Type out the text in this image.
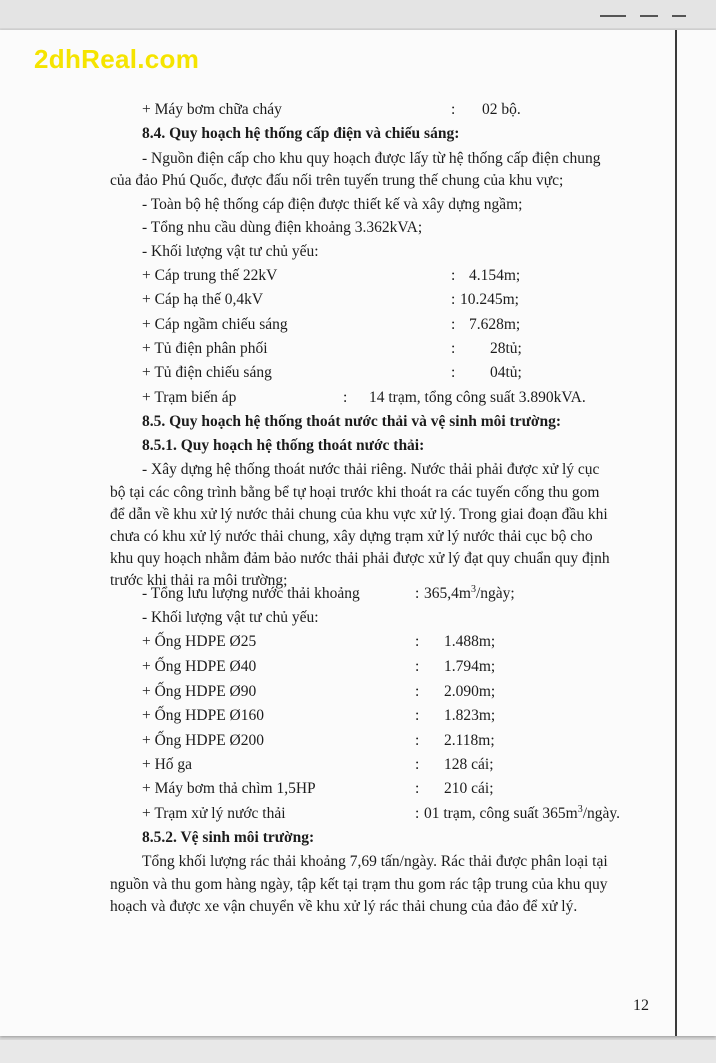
2dhReal.com
+ Máy bơm chữa cháy	: 02 bộ.
8.4. Quy hoạch hệ thống cấp điện và chiếu sáng:
- Nguồn điện cấp cho khu quy hoạch được lấy từ hệ thống cấp điện chung
của đảo Phú Quốc, được đấu nối trên tuyến trung thế chung của khu vực;
- Toàn bộ hệ thống cáp điện được thiết kế và xây dựng ngầm;
- Tổng nhu cầu dùng điện khoảng 3.362kVA;
- Khối lượng vật tư chủ yếu:
+ Cáp trung thế 22kV	: 4.154m;
+ Cáp hạ thế 0,4kV	: 10.245m;
+ Cáp ngầm chiếu sáng	: 7.628m;
+ Tủ điện phân phối	: 28tủ;
+ Tủ điện chiếu sáng	: 04tủ;
+ Trạm biến áp	: 14 trạm, tổng công suất 3.890kVA.
8.5. Quy hoạch hệ thống thoát nước thải và vệ sinh môi trường:
8.5.1. Quy hoạch hệ thống thoát nước thải:
- Xây dựng hệ thống thoát nước thải riêng. Nước thải phải được xử lý cục
bộ tại các công trình bằng bể tự hoại trước khi thoát ra các tuyến cống thu gom
để dẫn về khu xử lý nước thải chung của khu vực xử lý. Trong giai đoạn đầu khi
chưa có khu xử lý nước thải chung, xây dựng trạm xử lý nước thải cục bộ cho
khu quy hoạch nhằm đảm bảo nước thải phải được xử lý đạt quy chuẩn quy định
trước khi thải ra môi trường;
- Tổng lưu lượng nước thải khoảng	: $365,4m^3$/ngày;
- Khối lượng vật tư chủ yếu:
+ Ống HDPE Ø25	: 1.488m;
+ Ống HDPE Ø40	: 1.794m;
+ Ống HDPE Ø90	: 2.090m;
+ Ống HDPE Ø160	: 1.823m;
+ Ống HDPE Ø200	: 2.118m;
+ Hố ga	: 128 cái;
+ Máy bơm thả chìm 1,5HP	: 210 cái;
+ Trạm xử lý nước thải	: 01 trạm, công suất $365m^3$/ngày.
8.5.2. Vệ sinh môi trường:
Tổng khối lượng rác thải khoảng 7,69 tấn/ngày. Rác thải được phân loại tại
nguồn và thu gom hàng ngày, tập kết tại trạm thu gom rác tập trung của khu quy
hoạch và được xe vận chuyển về khu xử lý rác thải chung của đảo để xử lý.
12
